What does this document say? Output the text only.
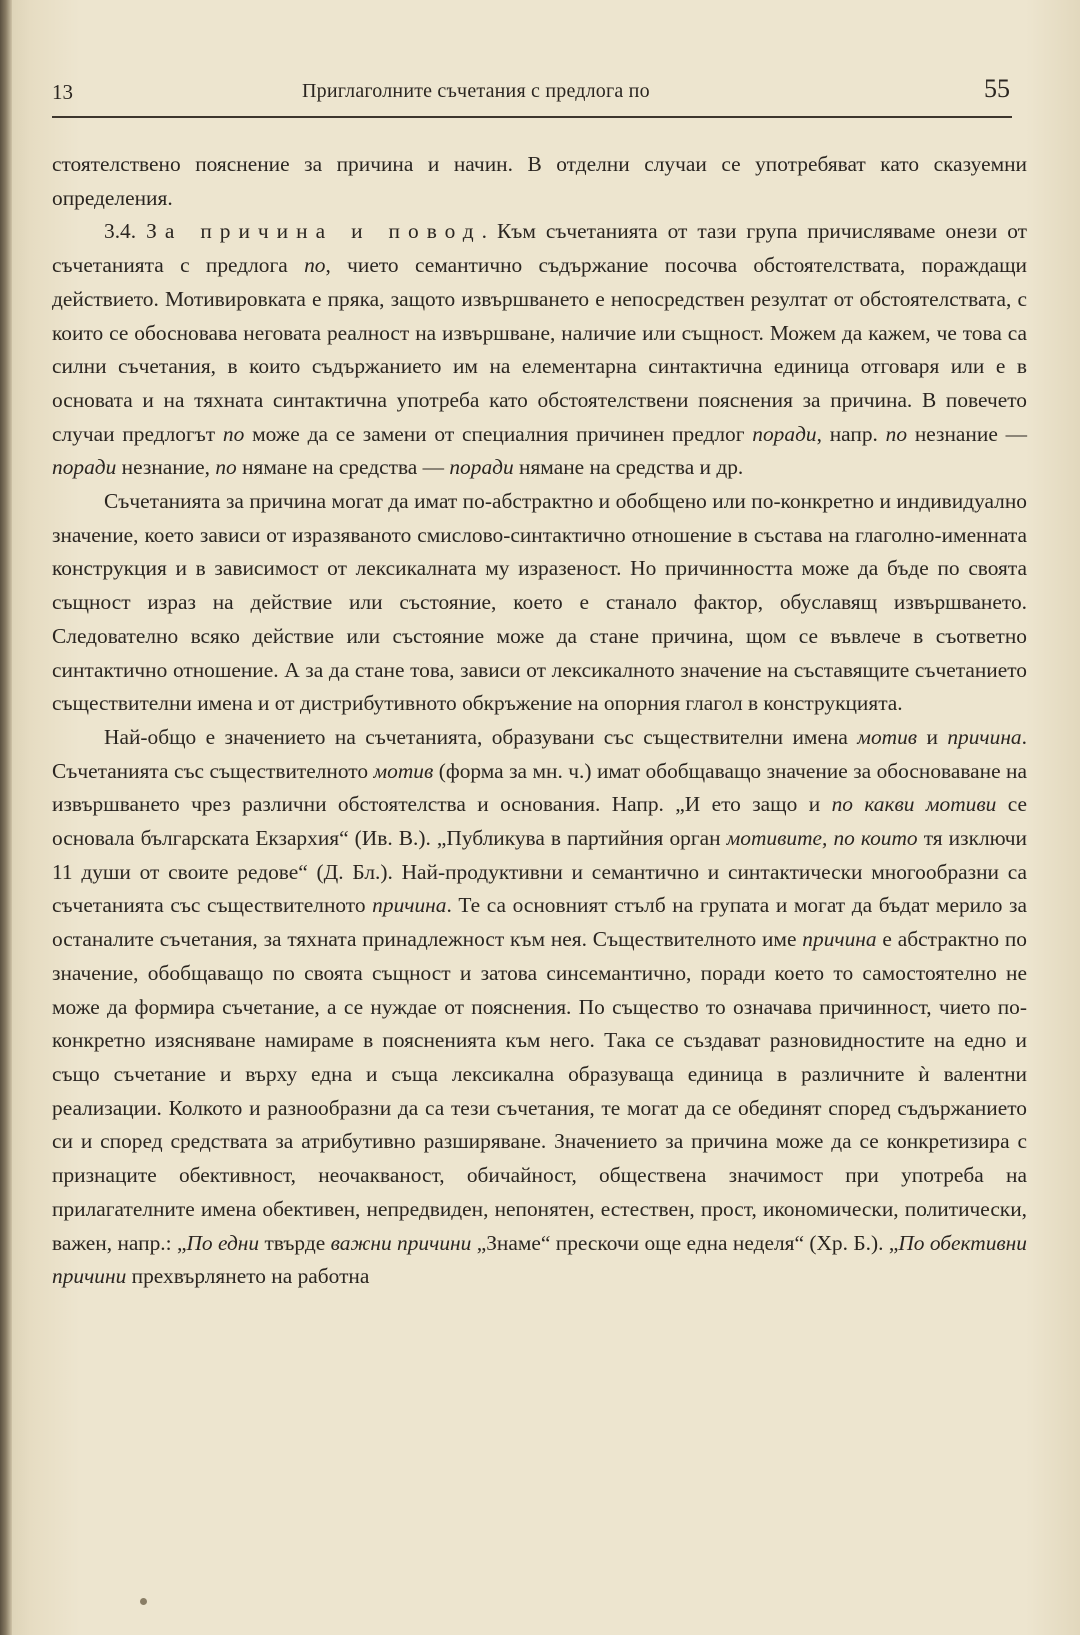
13	Приглаголните съчетания с предлога по	55

стоятелствено пояснение за причина и начин. В отделни случаи се употребяват като сказуемни определения.

3.4. За причина и повод. Към съчетанията от тази група причисляваме онези от съчетанията с предлога по, чието семантично съдържание посочва обстоятелствата, пораждащи действието. Мотивировката е пряка, защото извършването е непосредствен резултат от обстоятелствата, с които се обосновава неговата реалност на извършване, наличие или същност. Можем да кажем, че това са силни съчетания, в които съдържанието им на елементарна синтактична единица отговаря или е в основата и на тяхната синтактична употреба като обстоятелствени пояснения за причина. В повечето случаи предлогът по може да се замени от специалния причинен предлог поради, напр. по незнание — поради незнание, по нямане на средства — поради нямане на средства и др.

Съчетанията за причина могат да имат по-абстрактно и обобщено или по-конкретно и индивидуално значение, което зависи от изразяваното смислово-синтактично отношение в състава на глаголно-именната конструкция и в зависимост от лексикалната му изразеност. Но причинността може да бъде по своята същност израз на действие или състояние, което е станало фактор, обуславящ извършването. Следователно всяко действие или състояние може да стане причина, щом се въвлече в съответно синтактично отношение. А за да стане това, зависи от лексикалното значение на съставящите съчетанието съществителни имена и от дистрибутивното обкръжение на опорния глагол в конструкцията.

Най-общо е значението на съчетанията, образувани със съществителни имена мотив и причина. Съчетанията със съществителното мотив (форма за мн. ч.) имат обобщаващо значение за обосноваване на извършването чрез различни обстоятелства и основания. Напр. „И ето защо и по какви мотиви се основала българската Екзархия“ (Ив. В.). „Публикува в партийния орган мотивите, по които тя изключи 11 души от своите редове“ (Д. Бл.). Най-продуктивни и семантично и синтактически многообразни са съчетанията със съществителното причина. Те са основният стълб на групата и могат да бъдат мерило за останалите съчетания, за тяхната принадлежност към нея. Съществителното име причина е абстрактно по значение, обобщаващо по своята същност и затова синсемантично, поради което то самостоятелно не може да формира съчетание, а се нуждае от пояснения. По същество то означава причинност, чието по-конкретно изясняване намираме в поясненията към него. Така се създават разновидностите на едно и също съчетание и върху една и съща лексикална образуваща единица в различните ѝ валентни реализации. Колкото и разнообразни да са тези съчетания, те могат да се обединят според съдържанието си и според средствата за атрибутивно разширяване. Значението за причина може да се конкретизира с признаците обективност, неочакваност, обичайност, обществена значимост при употреба на прилагателните имена обективен, непредвиден, непонятен, естествен, прост, икономически, политически, важен, напр.: „По едни твърде важни причини „Знаме“ прескочи още една неделя“ (Хр. Б.). „По обективни причини прехвърлянето на работна
